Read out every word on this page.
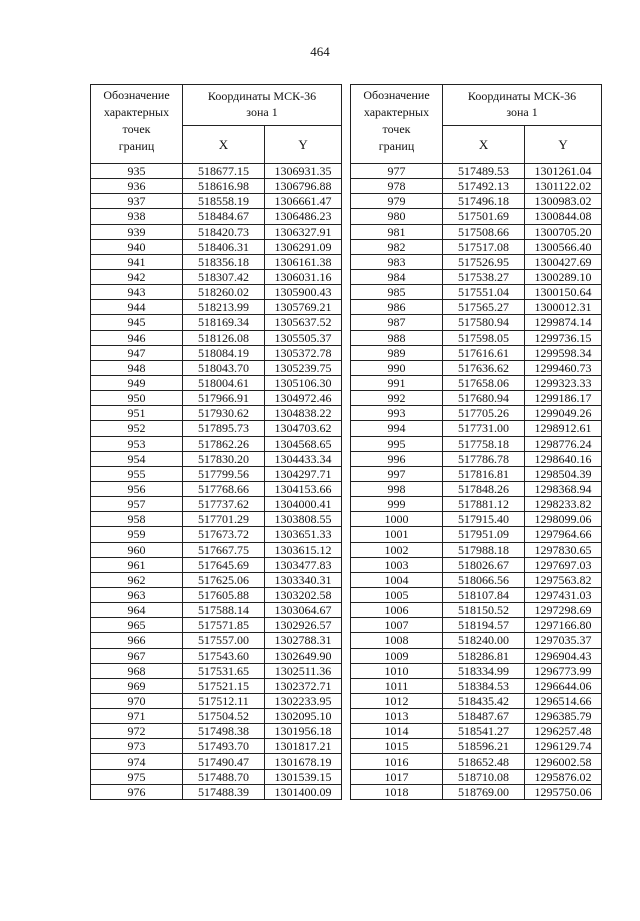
464
Обозначение
характерных
точек
границ	Координаты МСК-36
зона 1	

	X	Y
935	518677.15	1306931.35
936	518616.98	1306796.88
937	518558.19	1306661.47
938	518484.67	1306486.23
939	518420.73	1306327.91
940	518406.31	1306291.09
941	518356.18	1306161.38
942	518307.42	1306031.16
943	518260.02	1305900.43
944	518213.99	1305769.21
945	518169.34	1305637.52
946	518126.08	1305505.37
947	518084.19	1305372.78
948	518043.70	1305239.75
949	518004.61	1305106.30
950	517966.91	1304972.46
951	517930.62	1304838.22
952	517895.73	1304703.62
953	517862.26	1304568.65
954	517830.20	1304433.34
955	517799.56	1304297.71
956	517768.66	1304153.66
957	517737.62	1304000.41
958	517701.29	1303808.55
959	517673.72	1303651.33
960	517667.75	1303615.12
961	517645.69	1303477.83
962	517625.06	1303340.31
963	517605.88	1303202.58
964	517588.14	1303064.67
965	517571.85	1302926.57
966	517557.00	1302788.31
967	517543.60	1302649.90
968	517531.65	1302511.36
969	517521.15	1302372.71
970	517512.11	1302233.95
971	517504.52	1302095.10
972	517498.38	1301956.18
973	517493.70	1301817.21
974	517490.47	1301678.19
975	517488.70	1301539.15
976	517488.39	1301400.09
Обозначение
характерных
точек
границ	Координаты МСК-36
зона 1	

	X	Y
977	517489.53	1301261.04
978	517492.13	1301122.02
979	517496.18	1300983.02
980	517501.69	1300844.08
981	517508.66	1300705.20
982	517517.08	1300566.40
983	517526.95	1300427.69
984	517538.27	1300289.10
985	517551.04	1300150.64
986	517565.27	1300012.31
987	517580.94	1299874.14
988	517598.05	1299736.15
989	517616.61	1299598.34
990	517636.62	1299460.73
991	517658.06	1299323.33
992	517680.94	1299186.17
993	517705.26	1299049.26
994	517731.00	1298912.61
995	517758.18	1298776.24
996	517786.78	1298640.16
997	517816.81	1298504.39
998	517848.26	1298368.94
999	517881.12	1298233.82
1000	517915.40	1298099.06
1001	517951.09	1297964.66
1002	517988.18	1297830.65
1003	518026.67	1297697.03
1004	518066.56	1297563.82
1005	518107.84	1297431.03
1006	518150.52	1297298.69
1007	518194.57	1297166.80
1008	518240.00	1297035.37
1009	518286.81	1296904.43
1010	518334.99	1296773.99
1011	518384.53	1296644.06
1012	518435.42	1296514.66
1013	518487.67	1296385.79
1014	518541.27	1296257.48
1015	518596.21	1296129.74
1016	518652.48	1296002.58
1017	518710.08	1295876.02
1018	518769.00	1295750.06
